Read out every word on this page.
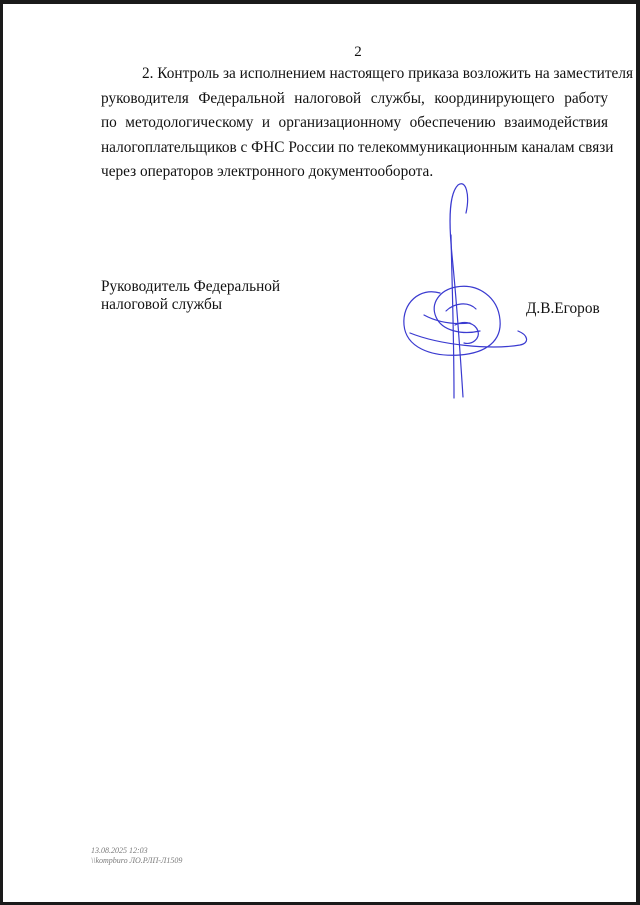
2
2. Контроль за исполнением настоящего приказа возложить на заместителя
руководителя Федеральной налоговой службы, координирующего работу
по методологическому и организационному обеспечению взаимодействия
налогоплательщиков с ФНС России по телекоммуникационным каналам связи
через операторов электронного документооборота.
Руководитель Федеральной
налоговой службы	Д.В.Егоров
13.08.2025 12:03
\\kompburo ЛО.РЛП-Л1509
